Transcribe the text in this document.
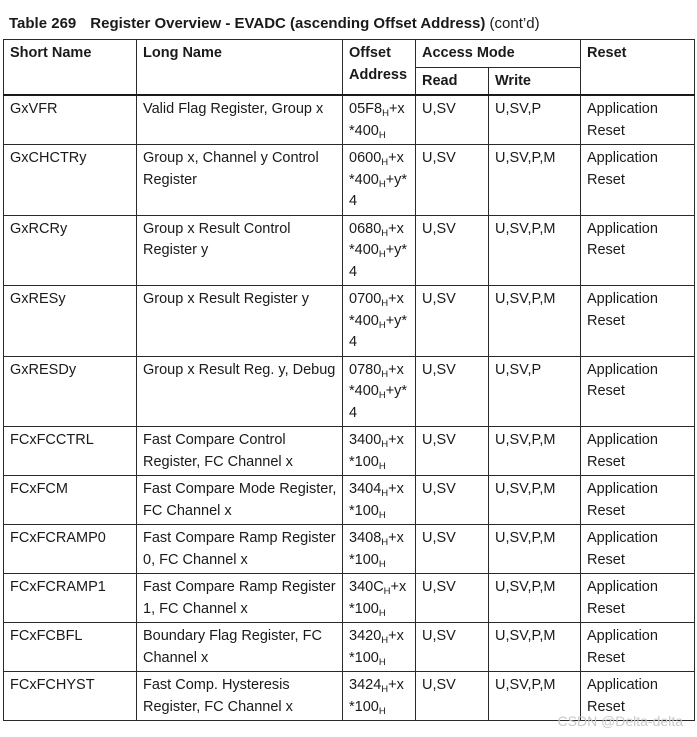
Table 269 Register Overview - EVADC (ascending Offset Address) (cont’d)
Short Name	Long Name	Offset Address	Access Mode		Reset
			Read	Write	
GxVFR	Valid Flag Register, Group x	$05F8_H+x$
$*400_H$	U,SV	U,SV,P	Application Reset
GxCHCTRy	Group x, Channel y Control Register	$0600_H+x$
$*400_H+y*$
4	U,SV	U,SV,P,M	Application Reset
GxRCRy	Group x Result Control Register y	$0680_H+x$
$*400_H+y*$
4	U,SV	U,SV,P,M	Application Reset
GxRESy	Group x Result Register y	$0700_H+x$
$*400_H+y*$
4	U,SV	U,SV,P,M	Application Reset
GxRESDy	Group x Result Reg. y, Debug	$0780_H+x$
$*400_H+y*$
4	U,SV	U,SV,P	Application Reset
FCxFCCTRL	Fast Compare Control Register, FC Channel x	$3400_H+x$
$*100_H$	U,SV	U,SV,P,M	Application Reset
FCxFCM	Fast Compare Mode Register, FC Channel x	$3404_H+x$
$*100_H$	U,SV	U,SV,P,M	Application Reset
FCxFCRAMP0	Fast Compare Ramp Register 0, FC Channel x	$3408_H+x$
$*100_H$	U,SV	U,SV,P,M	Application Reset
FCxFCRAMP1	Fast Compare Ramp Register 1, FC Channel x	$340C_H+x$
$*100_H$	U,SV	U,SV,P,M	Application Reset
FCxFCBFL	Boundary Flag Register, FC Channel x	$3420_H+x$
$*100_H$	U,SV	U,SV,P,M	Application Reset
FCxFCHYST	Fast Comp. Hysteresis Register, FC Channel x	$3424_H+x$
$*100_H$	U,SV	U,SV,P,M	Application Reset
CSDN @Delta-delta
